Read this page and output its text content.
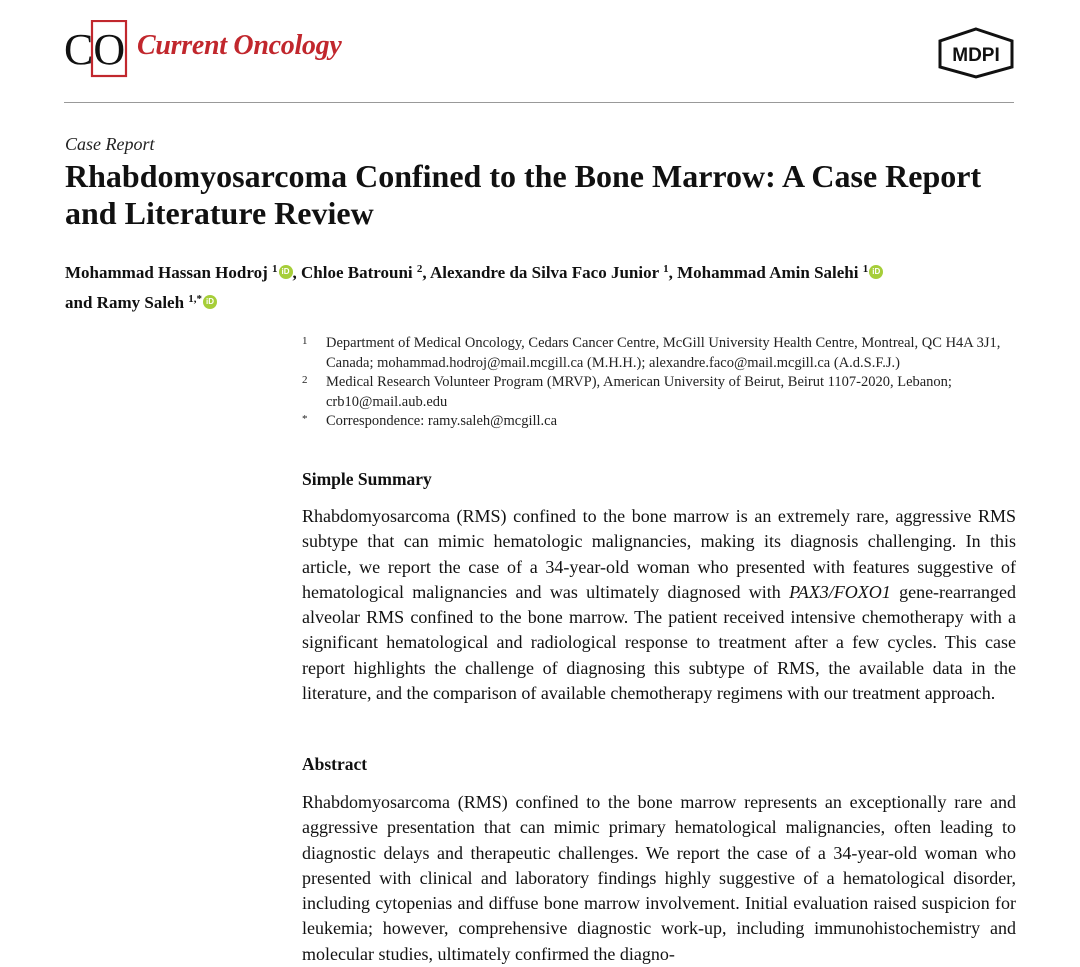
CO Current Oncology	MDPI
Case Report
Rhabdomyosarcoma Confined to the Bone Marrow: A Case Report and Literature Review
Mohammad Hassan Hodroj $^1$ iD , Chloe Batrouni $^2$, Alexandre da Silva Faco Junior $^1$, Mohammad Amin Salehi $^1$ iD
and Ramy Saleh $^{1,*}$ iD
1 Department of Medical Oncology, Cedars Cancer Centre, McGill University Health Centre, Montreal, QC H4A 3J1, Canada; mohammad.hodroj@mail.mcgill.ca (M.H.H.); alexandre.faco@mail.mcgill.ca (A.d.S.F.J.)
2 Medical Research Volunteer Program (MRVP), American University of Beirut, Beirut 1107-2020, Lebanon; crb10@mail.aub.edu
* Correspondence: ramy.saleh@mcgill.ca
Simple Summary
Rhabdomyosarcoma (RMS) confined to the bone marrow is an extremely rare, aggressive RMS subtype that can mimic hematologic malignancies, making its diagnosis challenging. In this article, we report the case of a 34-year-old woman who presented with features suggestive of hematological malignancies and was ultimately diagnosed with PAX3/FOXO1 gene-rearranged alveolar RMS confined to the bone marrow. The patient received intensive chemotherapy with a significant hematological and radiological response to treatment after a few cycles. This case report highlights the challenge of diagnosing this subtype of RMS, the available data in the literature, and the comparison of available chemotherapy regimens with our treatment approach.
Abstract
Rhabdomyosarcoma (RMS) confined to the bone marrow represents an exceptionally rare and aggressive presentation that can mimic primary hematological malignancies, often leading to diagnostic delays and therapeutic challenges. We report the case of a 34-year-old woman who presented with clinical and laboratory findings highly suggestive of a hematological disorder, including cytopenias and diffuse bone marrow involvement. Initial evaluation raised suspicion for leukemia; however, comprehensive diagnostic work-up, including immunohistochemistry and molecular studies, ultimately confirmed the diagno-
